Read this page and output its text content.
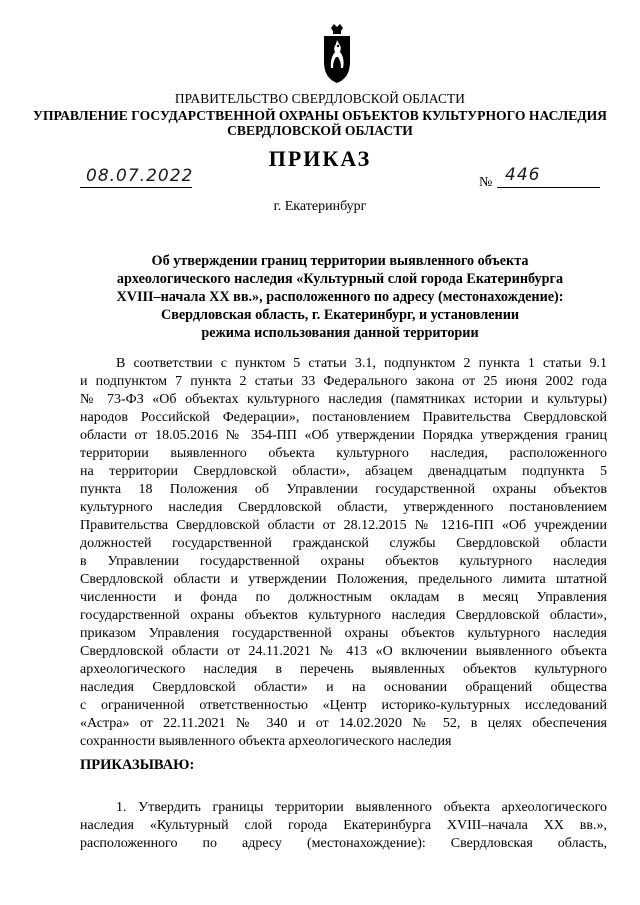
ПРАВИТЕЛЬСТВО СВЕРДЛОВСКОЙ ОБЛАСТИ
УПРАВЛЕНИЕ ГОСУДАРСТВЕННОЙ ОХРАНЫ ОБЪЕКТОВ КУЛЬТУРНОГО НАСЛЕДИЯ
СВЕРДЛОВСКОЙ ОБЛАСТИ
ПРИКАЗ
08.07.2022	№ 446
г. Екатеринбург
Об утверждении границ территории выявленного объекта
археологического наследия «Культурный слой города Екатеринбурга
XVIII–начала XX вв.», расположенного по адресу (местонахождение):
Свердловская область, г. Екатеринбург, и установлении
режима использования данной территории
В соответствии с пунктом 5 статьи 3.1, подпунктом 2 пункта 1 статьи 9.1
и подпунктом 7 пункта 2 статьи 33 Федерального закона от 25 июня 2002 года
№ 73-ФЗ «Об объектах культурного наследия (памятниках истории и культуры)
народов Российской Федерации», постановлением Правительства Свердловской
области от 18.05.2016 № 354-ПП «Об утверждении Порядка утверждения границ
территории выявленного объекта культурного наследия, расположенного
на территории Свердловской области», абзацем двенадцатым подпункта 5
пункта 18 Положения об Управлении государственной охраны объектов
культурного наследия Свердловской области, утвержденного постановлением
Правительства Свердловской области от 28.12.2015 № 1216-ПП «Об учреждении
должностей государственной гражданской службы Свердловской области
в Управлении государственной охраны объектов культурного наследия
Свердловской области и утверждении Положения, предельного лимита штатной
численности и фонда по должностным окладам в месяц Управления
государственной охраны объектов культурного наследия Свердловской области»,
приказом Управления государственной охраны объектов культурного наследия
Свердловской области от 24.11.2021 № 413 «О включении выявленного объекта
археологического наследия в перечень выявленных объектов культурного
наследия Свердловской области» и на основании обращений общества
с ограниченной ответственностью «Центр историко-культурных исследований
«Астра» от 22.11.2021 № 340 и от 14.02.2020 № 52, в целях обеспечения
сохранности выявленного объекта археологического наследия
ПРИКАЗЫВАЮ:
1. Утвердить границы территории выявленного объекта археологического
наследия «Культурный слой города Екатеринбурга XVIII–начала XX вв.»,
расположенного по адресу (местонахождение): Свердловская область,
